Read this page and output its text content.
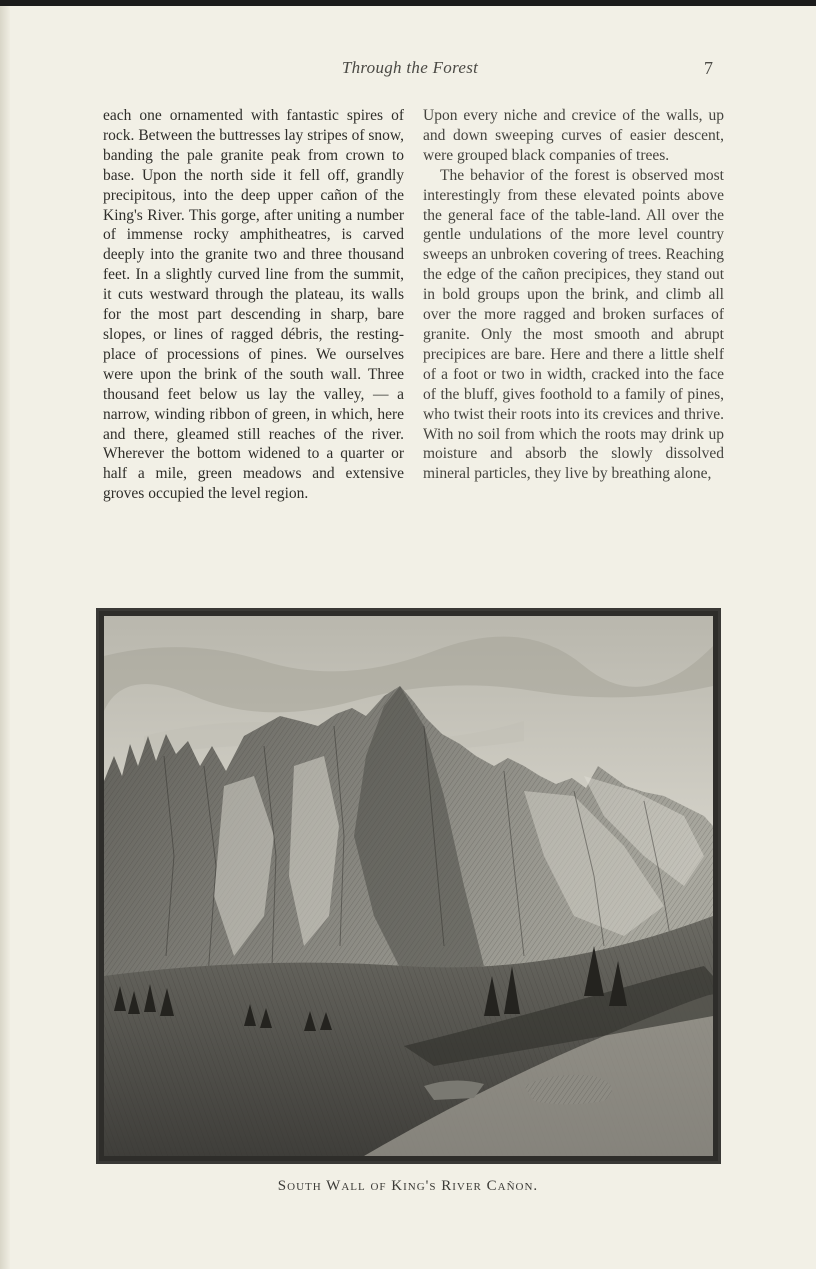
Through the Forest	7

each one ornamented with fantastic spires of rock. Between the buttresses lay stripes of snow, banding the pale granite peak from crown to base. Upon the north side it fell off, grandly precipitous, into the deep upper cañon of the King's River. This gorge, after uniting a number of immense rocky amphitheatres, is carved deeply into the granite two and three thousand feet. In a slightly curved line from the summit, it cuts westward through the plateau, its walls for the most part descending in sharp, bare slopes, or lines of ragged débris, the resting-place of processions of pines. We ourselves were upon the brink of the south wall. Three thousand feet below us lay the valley, — a narrow, winding ribbon of green, in which, here and there, gleamed still reaches of the river. Wherever the bottom widened to a quarter or half a mile, green meadows and extensive groves occupied the level region.

Upon every niche and crevice of the walls, up and down sweeping curves of easier descent, were grouped black companies of trees.

The behavior of the forest is observed most interestingly from these elevated points above the general face of the table-land. All over the gentle undulations of the more level country sweeps an unbroken covering of trees. Reaching the edge of the cañon precipices, they stand out in bold groups upon the brink, and climb all over the more ragged and broken surfaces of granite. Only the most smooth and abrupt precipices are bare. Here and there a little shelf of a foot or two in width, cracked into the face of the bluff, gives foothold to a family of pines, who twist their roots into its crevices and thrive. With no soil from which the roots may drink up moisture and absorb the slowly dissolved mineral particles, they live by breathing alone,

South Wall of King's River Cañon.
